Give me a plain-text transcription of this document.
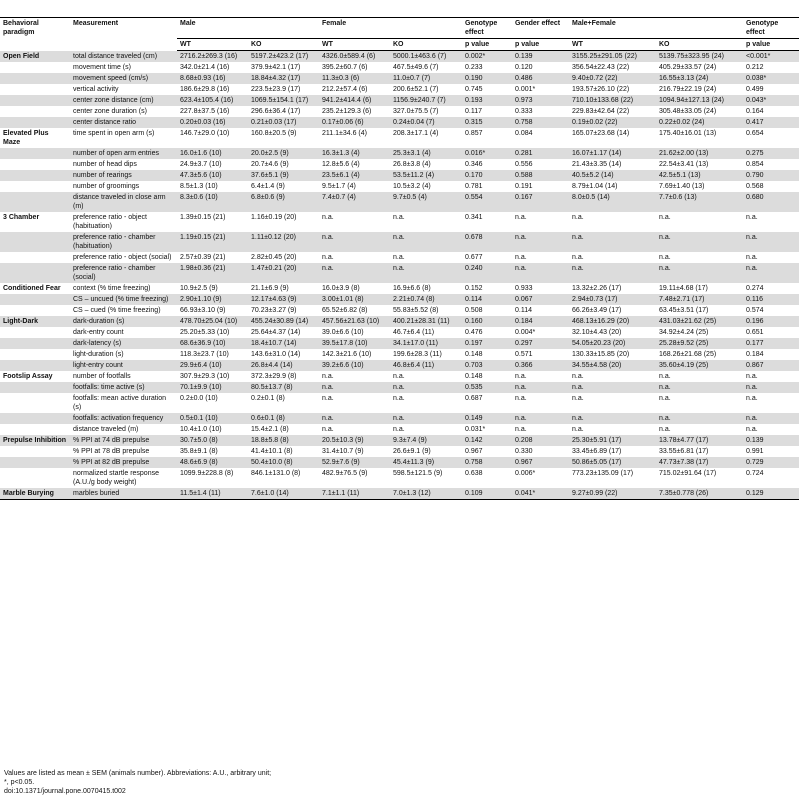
Behavioral paradigm	Measurement	Male		Female		Genotype effect	Gender effect	Male+Female		Genotype effect
		WT	KO	WT	KO	p value	p value	WT	KO	p value
Open Field	total distance traveled (cm)	2716.2±269.3 (16)	5197.2±423.2 (17)	4326.0±589.4 (6)	5000.1±463.6 (7)	0.002*	0.139	3155.25±291.05 (22)	5139.75±323.95 (24)	<0.001*
	movement time (s)	342.0±21.4 (16)	379.9±42.1 (17)	395.2±60.7 (6)	467.5±49.6 (7)	0.233	0.120	356.54±22.43 (22)	405.29±33.57 (24)	0.212
	movement speed (cm/s)	8.68±0.93 (16)	18.84±4.32 (17)	11.3±0.3 (6)	11.0±0.7 (7)	0.190	0.486	9.40±0.72 (22)	16.55±3.13 (24)	0.038*
	vertical activity	186.6±29.8 (16)	223.5±23.9 (17)	212.2±57.4 (6)	200.6±52.1 (7)	0.745	0.001*	193.57±26.10 (22)	216.79±22.19 (24)	0.499
	center zone distance (cm)	623.4±105.4 (16)	1069.5±154.1 (17)	941.2±414.4 (6)	1156.9±240.7 (7)	0.193	0.973	710.10±133.68 (22)	1094.94±127.13 (24)	0.043*
	center zone duration (s)	227.8±37.5 (16)	296.6±36.4 (17)	235.2±129.3 (6)	327.0±75.5 (7)	0.117	0.333	229.83±42.64 (22)	305.48±33.05 (24)	0.164
	center distance ratio	0.20±0.03 (16)	0.21±0.03 (17)	0.17±0.06 (6)	0.24±0.04 (7)	0.315	0.758	0.19±0.02 (22)	0.22±0.02 (24)	0.417
Elevated Plus Maze	time spent in open arm (s)	146.7±29.0 (10)	160.8±20.5 (9)	211.1±34.6 (4)	208.3±17.1 (4)	0.857	0.084	165.07±23.68 (14)	175.40±16.01 (13)	0.654
	number of open arm entries	16.0±1.6 (10)	20.0±2.5 (9)	16.3±1.3 (4)	25.3±3.1 (4)	0.016*	0.281	16.07±1.17 (14)	21.62±2.00 (13)	0.275
	number of head dips	24.9±3.7 (10)	20.7±4.6 (9)	12.8±5.6 (4)	26.8±3.8 (4)	0.346	0.556	21.43±3.35 (14)	22.54±3.41 (13)	0.854
	number of rearings	47.3±5.6 (10)	37.6±5.1 (9)	23.5±6.1 (4)	53.5±11.2 (4)	0.170	0.588	40.5±5.2 (14)	42.5±5.1 (13)	0.790
	number of groomings	8.5±1.3 (10)	6.4±1.4 (9)	9.5±1.7 (4)	10.5±3.2 (4)	0.781	0.191	8.79±1.04 (14)	7.69±1.40 (13)	0.568
	distance traveled in close arm (m)	8.3±0.6 (10)	6.8±0.6 (9)	7.4±0.7 (4)	9.7±0.5 (4)	0.554	0.167	8.0±0.5 (14)	7.7±0.6 (13)	0.680
3 Chamber	preference ratio - object (habituation)	1.39±0.15 (21)	1.16±0.19 (20)	n.a.	n.a.	0.341	n.a.	n.a.	n.a.	n.a.
	preference ratio - chamber (habituation)	1.19±0.15 (21)	1.11±0.12 (20)	n.a.	n.a.	0.678	n.a.	n.a.	n.a.	n.a.
	preference ratio - object (social)	2.57±0.39 (21)	2.82±0.45 (20)	n.a.	n.a.	0.677	n.a.	n.a.	n.a.	n.a.
	preference ratio - chamber (social)	1.98±0.36 (21)	1.47±0.21 (20)	n.a.	n.a.	0.240	n.a.	n.a.	n.a.	n.a.
Conditioned Fear	context (% time freezing)	10.9±2.5 (9)	21.1±6.9 (9)	16.0±3.9 (8)	16.9±6.6 (8)	0.152	0.933	13.32±2.26 (17)	19.11±4.68 (17)	0.274
	CS – uncued (% time freezing)	2.90±1.10 (9)	12.17±4.63 (9)	3.00±1.01 (8)	2.21±0.74 (8)	0.114	0.067	2.94±0.73 (17)	7.48±2.71 (17)	0.116
	CS – cued (% time freezing)	66.93±3.10 (9)	70.23±3.27 (9)	65.52±6.82 (8)	55.83±5.52 (8)	0.508	0.114	66.26±3.49 (17)	63.45±3.51 (17)	0.574
Light-Dark	dark-duration (s)	478.70±25.04 (10)	455.24±30.89 (14)	457.56±21.63 (10)	400.21±28.31 (11)	0.160	0.184	468.13±16.29 (20)	431.03±21.62 (25)	0.196
	dark-entry count	25.20±5.33 (10)	25.64±4.37 (14)	39.0±6.6 (10)	46.7±6.4 (11)	0.476	0.004*	32.10±4.43 (20)	34.92±4.24 (25)	0.651
	dark-latency (s)	68.6±36.9 (10)	18.4±10.7 (14)	39.5±17.8 (10)	34.1±17.0 (11)	0.197	0.297	54.05±20.23 (20)	25.28±9.52 (25)	0.177
	light-duration (s)	118.3±23.7 (10)	143.6±31.0 (14)	142.3±21.6 (10)	199.6±28.3 (11)	0.148	0.571	130.33±15.85 (20)	168.26±21.68 (25)	0.184
	light-entry count	29.9±6.4 (10)	26.8±4.4 (14)	39.2±6.6 (10)	46.8±6.4 (11)	0.703	0.366	34.55±4.58 (20)	35.60±4.19 (25)	0.867
Footslip Assay	number of footfalls	307.9±29.3 (10)	372.3±29.9 (8)	n.a.	n.a.	0.148	n.a.	n.a.	n.a.	n.a.
	footfalls: time active (s)	70.1±9.9 (10)	80.5±13.7 (8)	n.a.	n.a.	0.535	n.a.	n.a.	n.a.	n.a.
	footfalls: mean active duration (s)	0.2±0.0 (10)	0.2±0.1 (8)	n.a.	n.a.	0.687	n.a.	n.a.	n.a.	n.a.
	footfalls: activation frequency	0.5±0.1 (10)	0.6±0.1 (8)	n.a.	n.a.	0.149	n.a.	n.a.	n.a.	n.a.
	distance traveled (m)	10.4±1.0 (10)	15.4±2.1 (8)	n.a.	n.a.	0.031*	n.a.	n.a.	n.a.	n.a.
Prepulse Inhibition	% PPI at 74 dB prepulse	30.7±5.0 (8)	18.8±5.8 (8)	20.5±10.3 (9)	9.3±7.4 (9)	0.142	0.208	25.30±5.91 (17)	13.78±4.77 (17)	0.139
	% PPI at 78 dB prepulse	35.8±9.1 (8)	41.4±10.1 (8)	31.4±10.7 (9)	26.6±9.1 (9)	0.967	0.330	33.45±6.89 (17)	33.55±6.81 (17)	0.991
	% PPI at 82 dB prepulse	48.6±6.9 (8)	50.4±10.0 (8)	52.9±7.6 (9)	45.4±11.3 (9)	0.758	0.967	50.86±5.05 (17)	47.73±7.38 (17)	0.729
	normalized startle response (A.U./g body weight)	1099.9±228.8 (8)	846.1±131.0 (8)	482.9±76.5 (9)	598.5±121.5 (9)	0.638	0.006*	773.23±135.09 (17)	715.02±91.64 (17)	0.724
Marble Burying	marbles buried	11.5±1.4 (11)	7.6±1.0 (14)	7.1±1.1 (11)	7.0±1.3 (12)	0.109	0.041*	9.27±0.99 (22)	7.35±0.778 (26)	0.129
Values are listed as mean ± SEM (animals number). Abbreviations: A.U., arbitrary unit;
*, p<0.05.
doi:10.1371/journal.pone.0070415.t002
